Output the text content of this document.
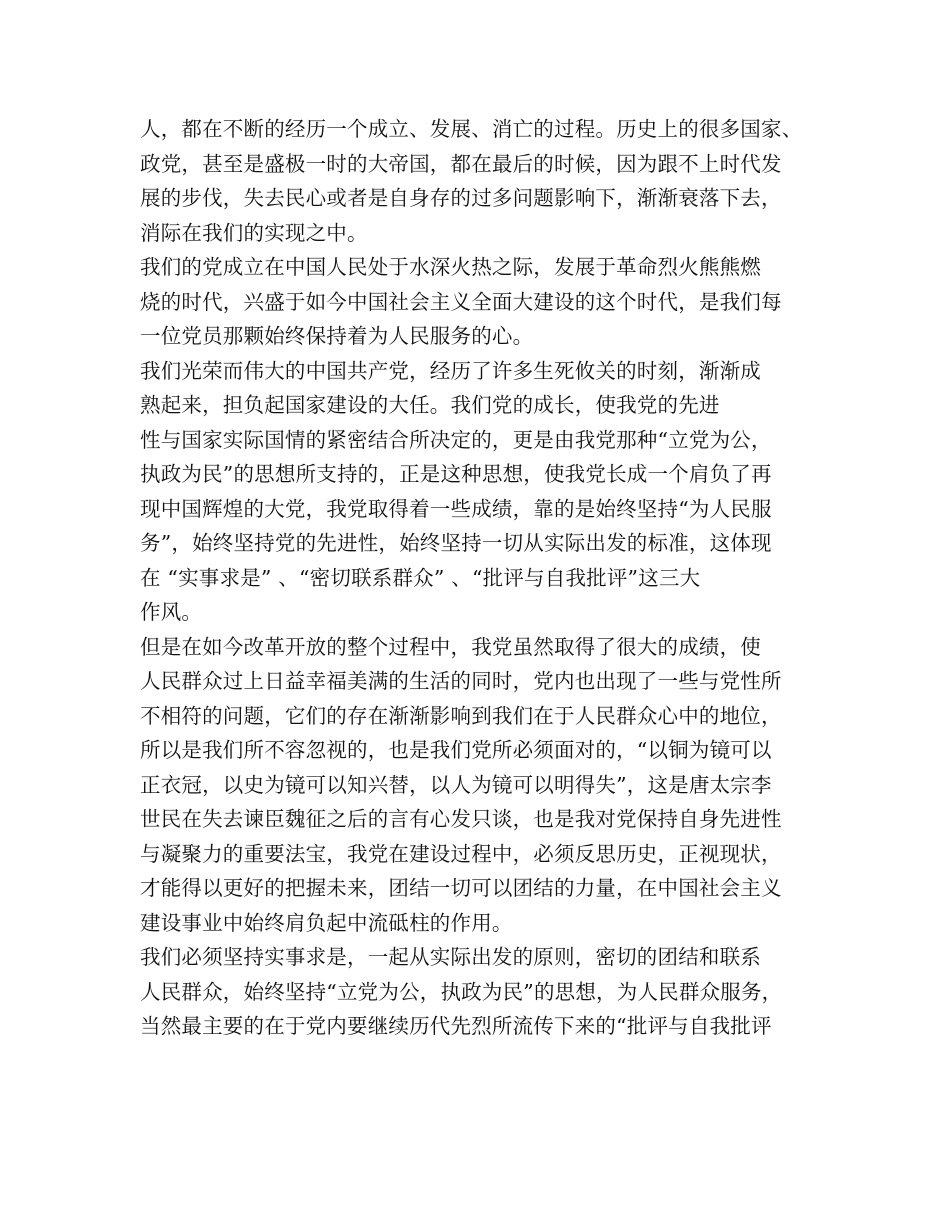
人，都在不断的经历一个成立、发展、消亡的过程。历史上的很多国家、
政党，甚至是盛极一时的大帝国，都在最后的时候，因为跟不上时代发
展的步伐，失去民心或者是自身存的过多问题影响下，渐渐衰落下去，
消际在我们的实现之中。
我们的党成立在中国人民处于水深火热之际，发展于革命烈火熊熊燃
烧的时代，兴盛于如今中国社会主义全面大建设的这个时代，是我们每
一位党员那颗始终保持着为人民服务的心。
我们光荣而伟大的中国共产党，经历了许多生死攸关的时刻，渐渐成
熟起来，担负起国家建设的大任。我们党的成长，使我党的先进
性与国家实际国情的紧密结合所决定的，更是由我党那种“立党为公，
执政为民”的思想所支持的，正是这种思想，使我党长成一个肩负了再
现中国辉煌的大党，我党取得着一些成绩，靠的是始终坚持“为人民服
务”，始终坚持党的先进性，始终坚持一切从实际出发的标准，这体现
在 “实事求是” 、“密切联系群众” 、“批评与自我批评”这三大
作风。
但是在如今改革开放的整个过程中，我党虽然取得了很大的成绩，使
人民群众过上日益幸福美满的生活的同时，党内也出现了一些与党性所
不相符的问题，它们的存在渐渐影响到我们在于人民群众心中的地位，
所以是我们所不容忽视的，也是我们党所必须面对的，“以铜为镜可以
正衣冠，以史为镜可以知兴替，以人为镜可以明得失”，这是唐太宗李
世民在失去谏臣魏征之后的言有心发只谈，也是我对党保持自身先进性
与凝聚力的重要法宝，我党在建设过程中，必须反思历史，正视现状，
才能得以更好的把握未来，团结一切可以团结的力量，在中国社会主义
建设事业中始终肩负起中流砥柱的作用。
我们必须坚持实事求是，一起从实际出发的原则，密切的团结和联系
人民群众，始终坚持“立党为公，执政为民”的思想，为人民群众服务，
当然最主要的在于党内要继续历代先烈所流传下来的“批评与自我批评
